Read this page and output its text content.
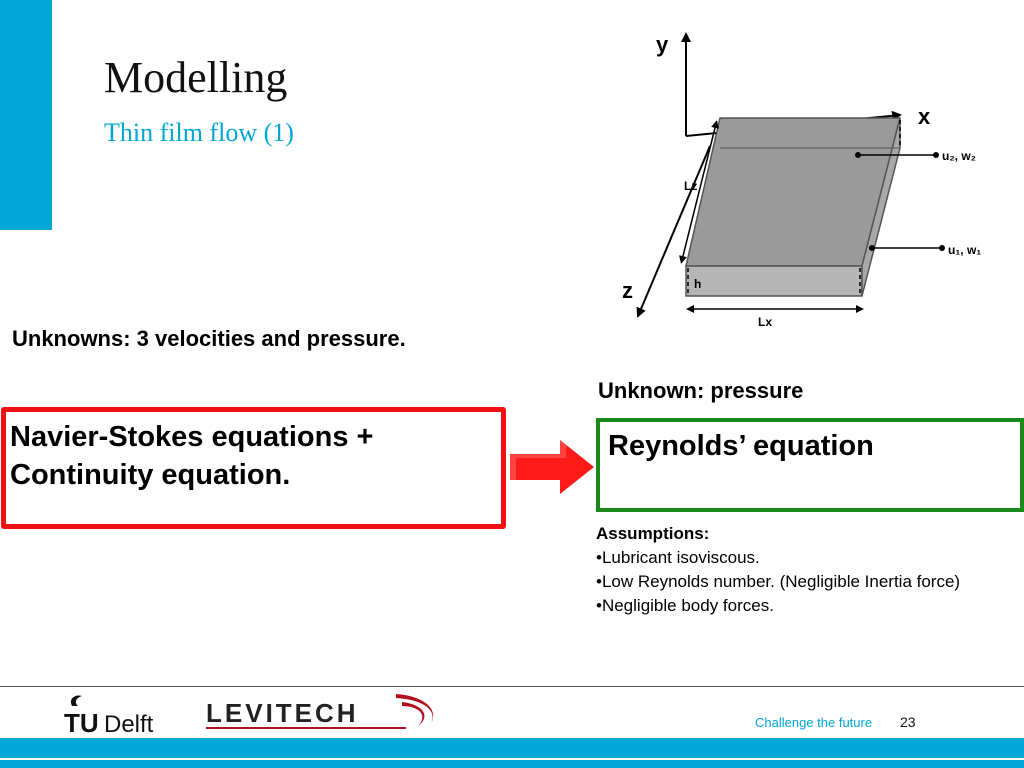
Modelling
Thin film flow (1)
y
x
z
u₂, w₂
u₁, w₁
Lz
h
Lx
Unknowns: 3 velocities and pressure.
Unknown: pressure
Navier-Stokes equations +
Continuity equation.
Reynolds’ equation
Assumptions:
•Lubricant isoviscous.
•Low Reynolds number. (Negligible Inertia force)
•Negligible body forces.
TU Delft LEVITECH	Challenge the future 23
